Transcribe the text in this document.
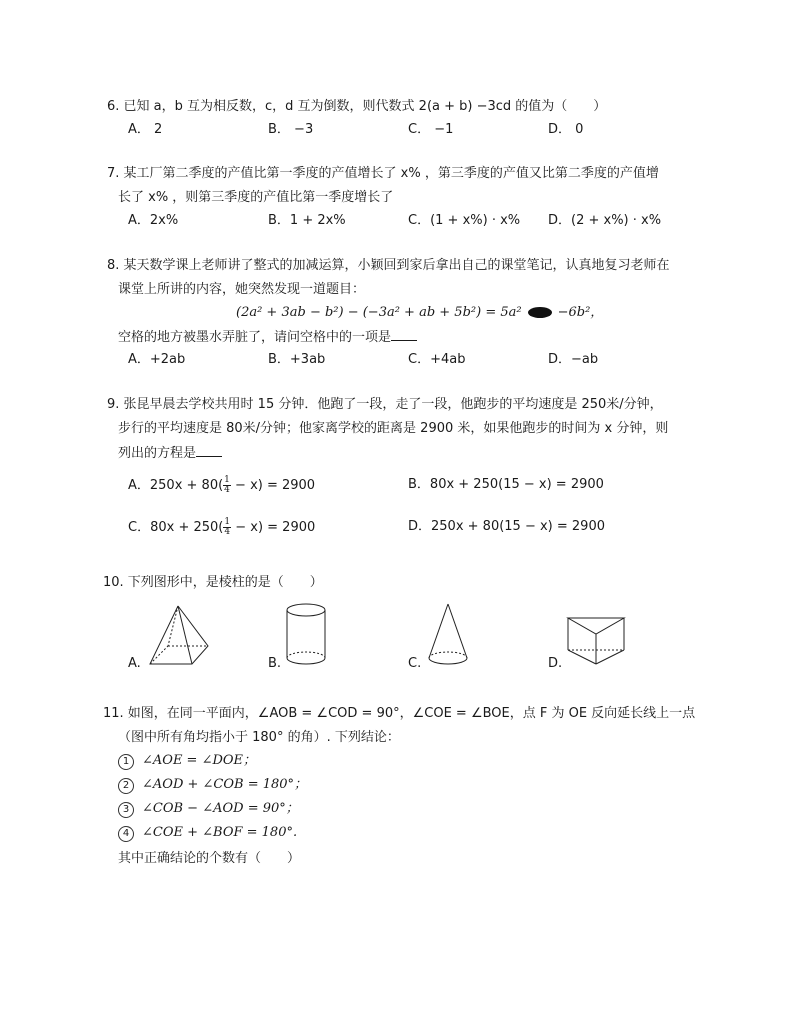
6. 已知 a，b 互为相反数，c，d 互为倒数，则代数式 2(a + b) −3cd 的值为（　　）
A． 2	B． −3	C． −1	D． 0
7. 某工厂第二季度的产值比第一季度的产值增长了 x% ，第三季度的产值又比第二季度的产值增
长了 x% ，则第三季度的产值比第一季度增长了
A．2x%	B．1 + 2x%	C．(1 + x%) · x% D．(2 + x%) · x%
8. 某天数学课上老师讲了整式的加减运算，小颖回到家后拿出自己的课堂笔记，认真地复习老师在
课堂上所讲的内容，她突然发现一道题目：
(2a² + 3ab − b²) − (−3a² + ab + 5b²) = 5a²	−6b²，
空格的地方被墨水弄脏了，请问空格中的一项是
A．+2ab	B．+3ab	C．+4ab	D．−ab
9. 张昆早晨去学校共用时 15 分钟．他跑了一段，走了一段，他跑步的平均速度是 250米/分钟，
步行的平均速度是 80米/分钟；他家离学校的距离是 2900 米，如果他跑步的时间为 x 分钟，则
列出的方程是
A．$250x + 80( \frac{1}{4} - x) = 2900$	B．80x + 250(15 − x) = 2900
C．$80x + 250( \frac{1}{4} - x) = 2900$	D．250x + 80(15 − x) = 2900
10. 下列图形中，是棱柱的是（　　）
A.	B.	C.	D.
11. 如图，在同一平面内，∠AOB = ∠COD = 90°，∠COE = ∠BOE，点 F 为 OE 反向延长线上一点
（图中所有角均指小于 180° 的角）. 下列结论：
1 ∠AOE = ∠DOE；
2 ∠AOD + ∠COB = 180°；
3 ∠COB − ∠AOD = 90°；
4 ∠COE + ∠BOF = 180°.
其中正确结论的个数有（　　）
